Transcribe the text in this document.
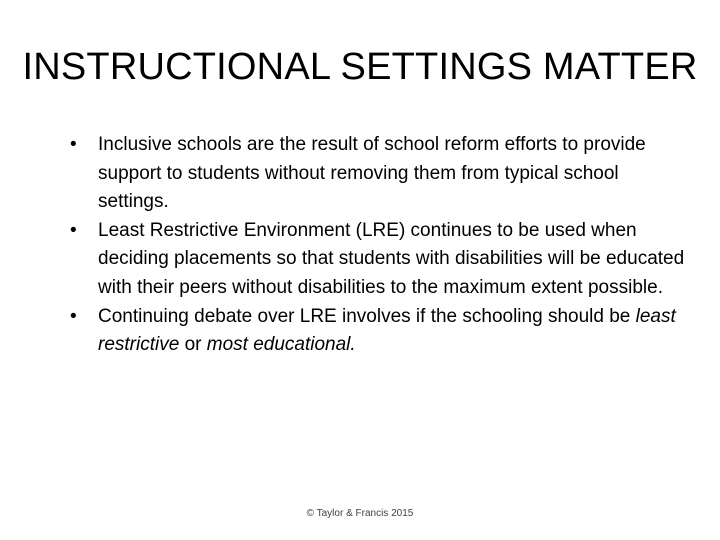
INSTRUCTIONAL SETTINGS MATTER
•	Inclusive schools are the result of school reform efforts to provide support to students without removing them from typical school settings.
•	Least Restrictive Environment (LRE) continues to be used when deciding placements so that students with disabilities will be educated with their peers without disabilities to the maximum extent possible.
•	Continuing debate over LRE involves if the schooling should be least restrictive or most educational.
© Taylor & Francis 2015
